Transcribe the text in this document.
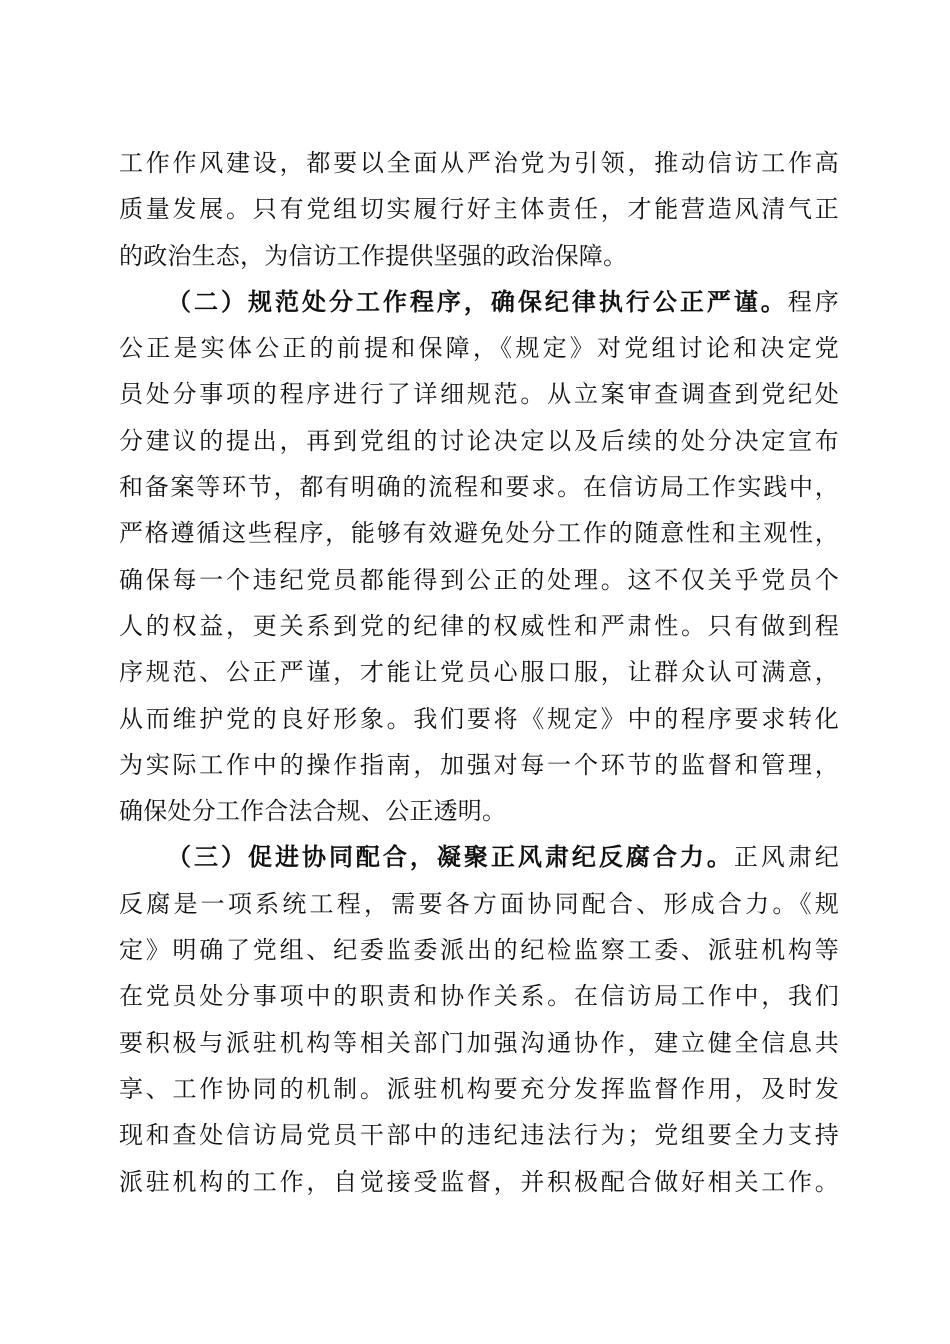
工作作风建设，都要以全面从严治党为引领，推动信访工作高
质量发展。只有党组切实履行好主体责任，才能营造风清气正
的政治生态，为信访工作提供坚强的政治保障。
（二）规范处分工作程序，确保纪律执行公正严谨。程序
公正是实体公正的前提和保障，《规定》对党组讨论和决定党
员处分事项的程序进行了详细规范。从立案审查调查到党纪处
分建议的提出，再到党组的讨论决定以及后续的处分决定宣布
和备案等环节，都有明确的流程和要求。在信访局工作实践中，
严格遵循这些程序，能够有效避免处分工作的随意性和主观性，
确保每一个违纪党员都能得到公正的处理。这不仅关乎党员个
人的权益，更关系到党的纪律的权威性和严肃性。只有做到程
序规范、公正严谨，才能让党员心服口服，让群众认可满意，
从而维护党的良好形象。我们要将《规定》中的程序要求转化
为实际工作中的操作指南，加强对每一个环节的监督和管理，
确保处分工作合法合规、公正透明。
（三）促进协同配合，凝聚正风肃纪反腐合力。正风肃纪
反腐是一项系统工程，需要各方面协同配合、形成合力。《规
定》明确了党组、纪委监委派出的纪检监察工委、派驻机构等
在党员处分事项中的职责和协作关系。在信访局工作中，我们
要积极与派驻机构等相关部门加强沟通协作，建立健全信息共
享、工作协同的机制。派驻机构要充分发挥监督作用，及时发
现和查处信访局党员干部中的违纪违法行为；党组要全力支持
派驻机构的工作，自觉接受监督，并积极配合做好相关工作。
